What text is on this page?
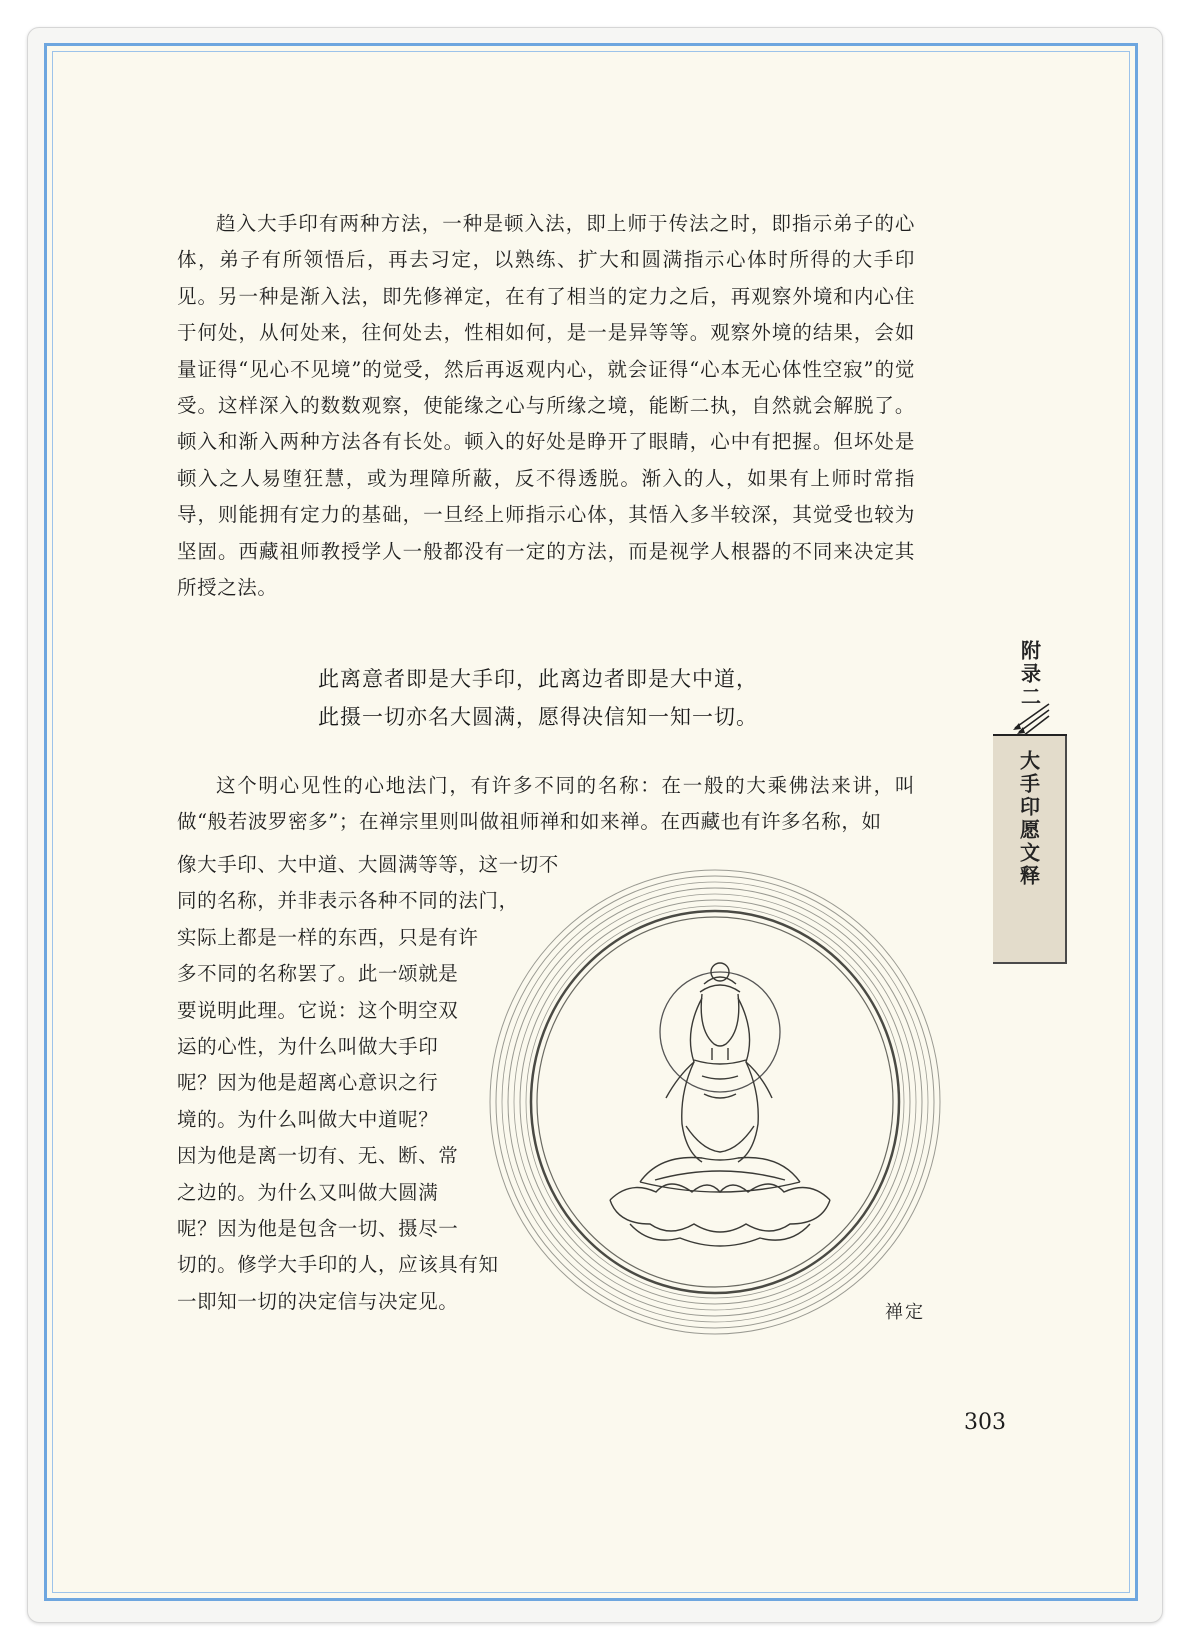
趋入大手印有两种方法，一种是顿入法，即上师于传法之时，即指示弟子的心体，弟子有所领悟后，再去习定，以熟练、扩大和圆满指示心体时所得的大手印见。另一种是渐入法，即先修禅定，在有了相当的定力之后，再观察外境和内心住于何处，从何处来，往何处去，性相如何，是一是异等等。观察外境的结果，会如量证得“见心不见境”的觉受，然后再返观内心，就会证得“心本无心体性空寂”的觉受。这样深入的数数观察，使能缘之心与所缘之境，能断二执，自然就会解脱了。顿入和渐入两种方法各有长处。顿入的好处是睁开了眼睛，心中有把握。但坏处是顿入之人易堕狂慧，或为理障所蔽，反不得透脱。渐入的人，如果有上师时常指导，则能拥有定力的基础，一旦经上师指示心体，其悟入多半较深，其觉受也较为坚固。西藏祖师教授学人一般都没有一定的方法，而是视学人根器的不同来决定其所授之法。

此离意者即是大手印，此离边者即是大中道，

此摄一切亦名大圆满，愿得决信知一知一切。

这个明心见性的心地法门，有许多不同的名称：在一般的大乘佛法来讲，叫做“般若波罗密多”；在禅宗里则叫做祖师禅和如来禅。在西藏也有许多名称，如

像大手印、大中道、大圆满等等，这一切不
同的名称，并非表示各种不同的法门，
实际上都是一样的东西，只是有许
多不同的名称罢了。此一颂就是
要说明此理。它说：这个明空双
运的心性，为什么叫做大手印
呢？因为他是超离心意识之行
境的。为什么叫做大中道呢？
因为他是离一切有、无、断、常
之边的。为什么又叫做大圆满
呢？因为他是包含一切、摄尽一
切的。修学大手印的人，应该具有知
一即知一切的决定信与决定见。
附录二
大手印愿文释
禅定
303
